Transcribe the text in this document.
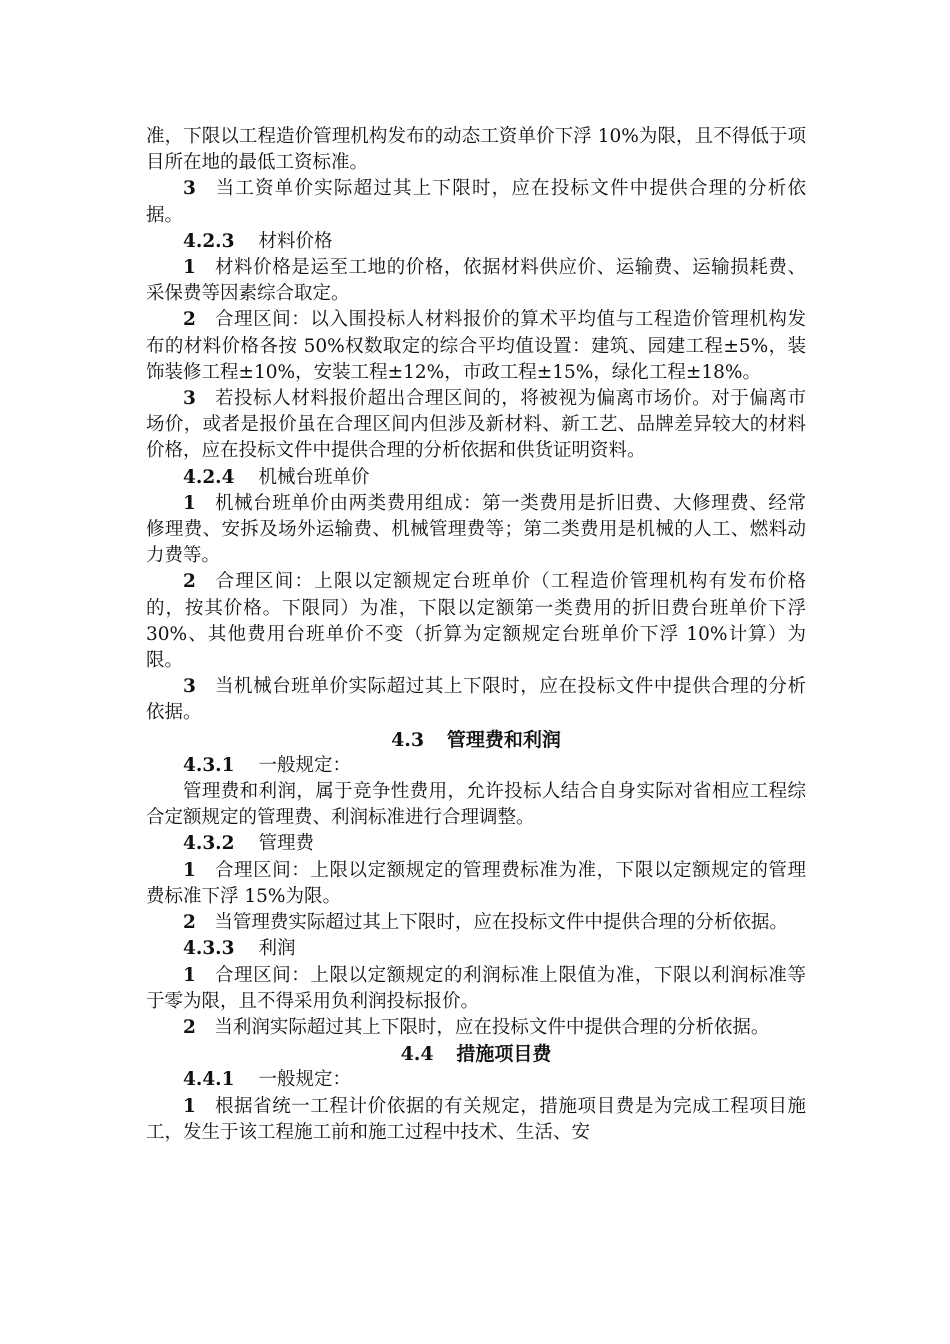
准，下限以工程造价管理机构发布的动态工资单价下浮 10%为限，且不得低于项目所在地的最低工资标准。

3 当工资单价实际超过其上下限时，应在投标文件中提供合理的分析依据。

4.2.3 材料价格

1 材料价格是运至工地的价格，依据材料供应价、运输费、运输损耗费、采保费等因素综合取定。

2 合理区间：以入围投标人材料报价的算术平均值与工程造价管理机构发布的材料价格各按 50%权数取定的综合平均值设置：建筑、园建工程±5%，装饰装修工程±10%，安装工程±12%，市政工程±15%，绿化工程±18%。

3 若投标人材料报价超出合理区间的，将被视为偏离市场价。对于偏离市场价，或者是报价虽在合理区间内但涉及新材料、新工艺、品牌差异较大的材料价格，应在投标文件中提供合理的分析依据和供货证明资料。

4.2.4 机械台班单价

1 机械台班单价由两类费用组成：第一类费用是折旧费、大修理费、经常修理费、安拆及场外运输费、机械管理费等；第二类费用是机械的人工、燃料动力费等。

2 合理区间：上限以定额规定台班单价（工程造价管理机构有发布价格的，按其价格。下限同）为准，下限以定额第一类费用的折旧费台班单价下浮 30%、其他费用台班单价不变（折算为定额规定台班单价下浮 10%计算）为限。

3 当机械台班单价实际超过其上下限时，应在投标文件中提供合理的分析依据。

4.3 管理费和利润

4.3.1 一般规定：

管理费和利润，属于竞争性费用，允许投标人结合自身实际对省相应工程综合定额规定的管理费、利润标准进行合理调整。

4.3.2 管理费

1 合理区间：上限以定额规定的管理费标准为准，下限以定额规定的管理费标准下浮 15%为限。

2 当管理费实际超过其上下限时，应在投标文件中提供合理的分析依据。

4.3.3 利润

1 合理区间：上限以定额规定的利润标准上限值为准，下限以利润标准等于零为限，且不得采用负利润投标报价。

2 当利润实际超过其上下限时，应在投标文件中提供合理的分析依据。

4.4 措施项目费

4.4.1 一般规定：

1 根据省统一工程计价依据的有关规定，措施项目费是为完成工程项目施工，发生于该工程施工前和施工过程中技术、生活、安
